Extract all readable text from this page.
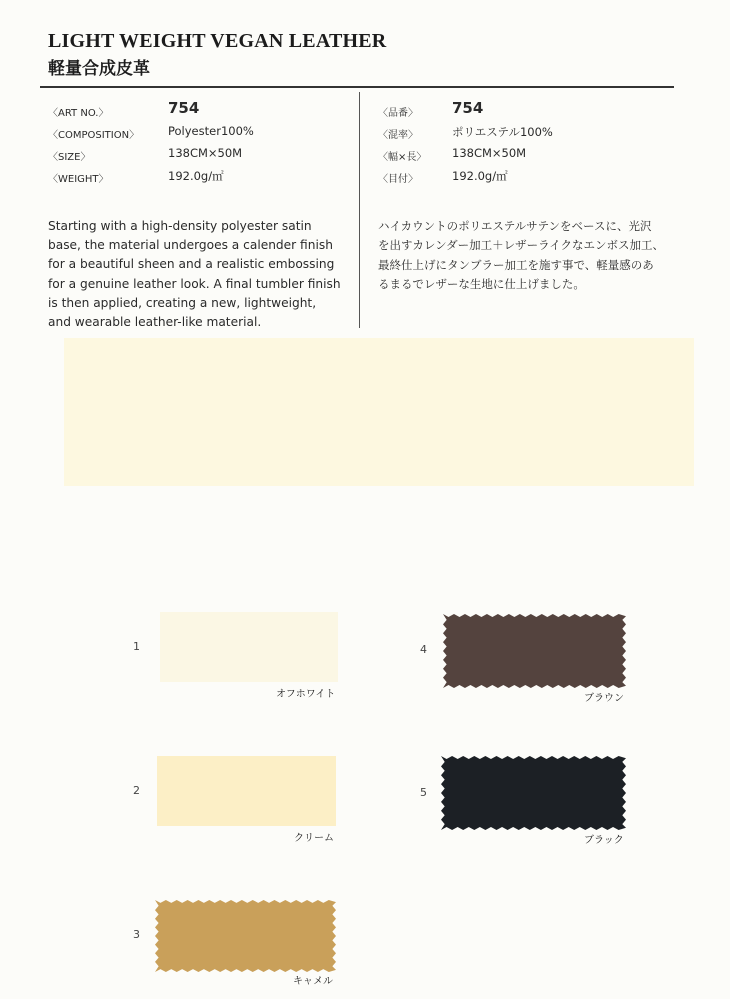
LIGHT WEIGHT VEGAN LEATHER
軽量合成皮革
〈ART NO.〉	754
〈COMPOSITION〉	Polyester100%
〈SIZE〉	138CM×50M
〈WEIGHT〉	192.0g/㎡
〈品番〉 754
〈混率〉	ポリエステル100%
〈幅×長〉 138CM×50M
〈目付〉	192.0g/㎡
Starting with a high-density polyester satin
base, the material undergoes a calender finish
for a beautiful sheen and a realistic embossing
for a genuine leather look. A final tumbler finish
is then applied, creating a new, lightweight,
and wearable leather-like material.
ハイカウントのポリエステルサテンをベースに、光沢
を出すカレンダー加工＋レザーライクなエンボス加工、
最終仕上げにタンブラー加工を施す事で、軽量感のあ
るまるでレザーな生地に仕上げました。
1
オフホワイト
2
クリーム
3
キャメル
4
ブラウン
5
ブラック
